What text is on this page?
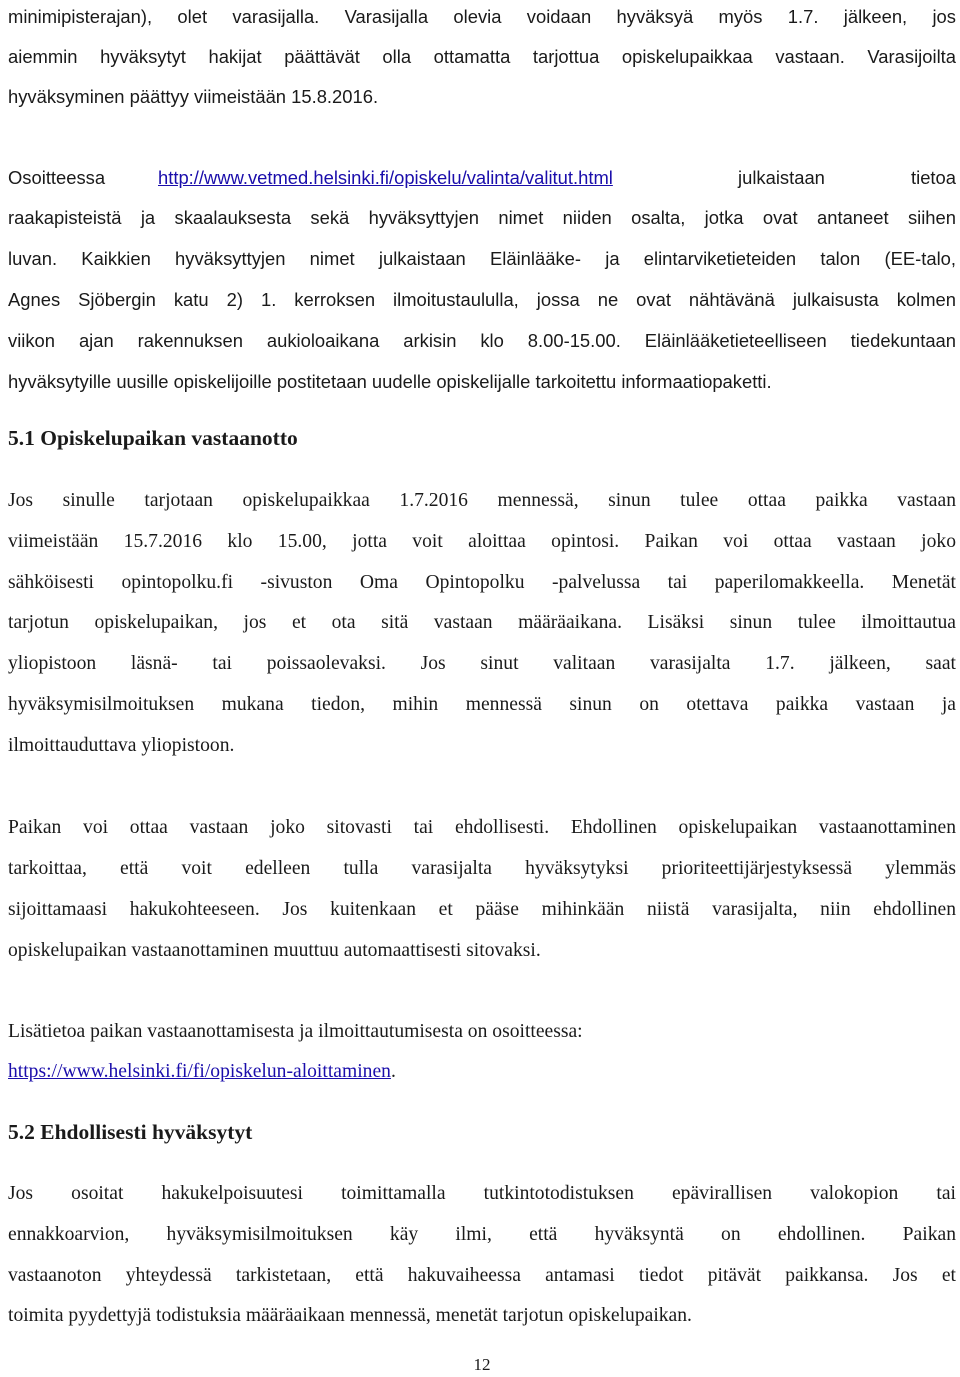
minimipisterajan), olet varasijalla. Varasijalla olevia voidaan hyväksyä myös 1.7. jälkeen, jos
aiemmin hyväksytyt hakijat päättävät olla ottamatta tarjottua opiskelupaikkaa vastaan. Varasijoilta
hyväksyminen päättyy viimeistään 15.8.2016.
Osoitteessa	http://www.vetmed.helsinki.fi/opiskelu/valinta/valitut.html	julkaistaan	tietoa
raakapisteistä ja skaalauksesta sekä hyväksyttyjen nimet niiden osalta, jotka ovat antaneet siihen
luvan. Kaikkien hyväksyttyjen nimet julkaistaan Eläinlääke- ja elintarviketieteiden talon (EE-talo,
Agnes Sjöbergin katu 2) 1. kerroksen ilmoitustaululla, jossa ne ovat nähtävänä julkaisusta kolmen
viikon ajan rakennuksen aukioloaikana arkisin klo 8.00-15.00. Eläinlääketieteelliseen tiedekuntaan
hyväksytyille uusille opiskelijoille postitetaan uudelle opiskelijalle tarkoitettu informaatiopaketti.
5.1 Opiskelupaikan vastaanotto
Jos sinulle tarjotaan opiskelupaikkaa 1.7.2016 mennessä, sinun tulee ottaa paikka vastaan
viimeistään 15.7.2016 klo 15.00, jotta voit aloittaa opintosi. Paikan voi ottaa vastaan joko
sähköisesti opintopolku.fi -sivuston Oma Opintopolku -palvelussa tai paperilomakkeella. Menetät
tarjotun opiskelupaikan, jos et ota sitä vastaan määräaikana. Lisäksi sinun tulee ilmoittautua
yliopistoon läsnä- tai poissaolevaksi. Jos sinut valitaan varasijalta 1.7. jälkeen, saat
hyväksymisilmoituksen mukana tiedon, mihin mennessä sinun on otettava paikka vastaan ja
ilmoittauduttava yliopistoon.
Paikan voi ottaa vastaan joko sitovasti tai ehdollisesti. Ehdollinen opiskelupaikan vastaanottaminen
tarkoittaa, että voit edelleen tulla varasijalta hyväksytyksi prioriteettijärjestyksessä ylemmäs
sijoittamaasi hakukohteeseen. Jos kuitenkaan et pääse mihinkään niistä varasijalta, niin ehdollinen
opiskelupaikan vastaanottaminen muuttuu automaattisesti sitovaksi.
Lisätietoa paikan vastaanottamisesta ja ilmoittautumisesta on osoitteessa:
https://www.helsinki.fi/fi/opiskelun-aloittaminen.
5.2 Ehdollisesti hyväksytyt
Jos osoitat hakukelpoisuutesi toimittamalla tutkintotodistuksen epävirallisen valokopion tai
ennakkoarvion, hyväksymisilmoituksen käy ilmi, että hyväksyntä on ehdollinen. Paikan
vastaanoton yhteydessä tarkistetaan, että hakuvaiheessa antamasi tiedot pitävät paikkansa. Jos et
toimita pyydettyjä todistuksia määräaikaan mennessä, menetät tarjotun opiskelupaikan.
12
